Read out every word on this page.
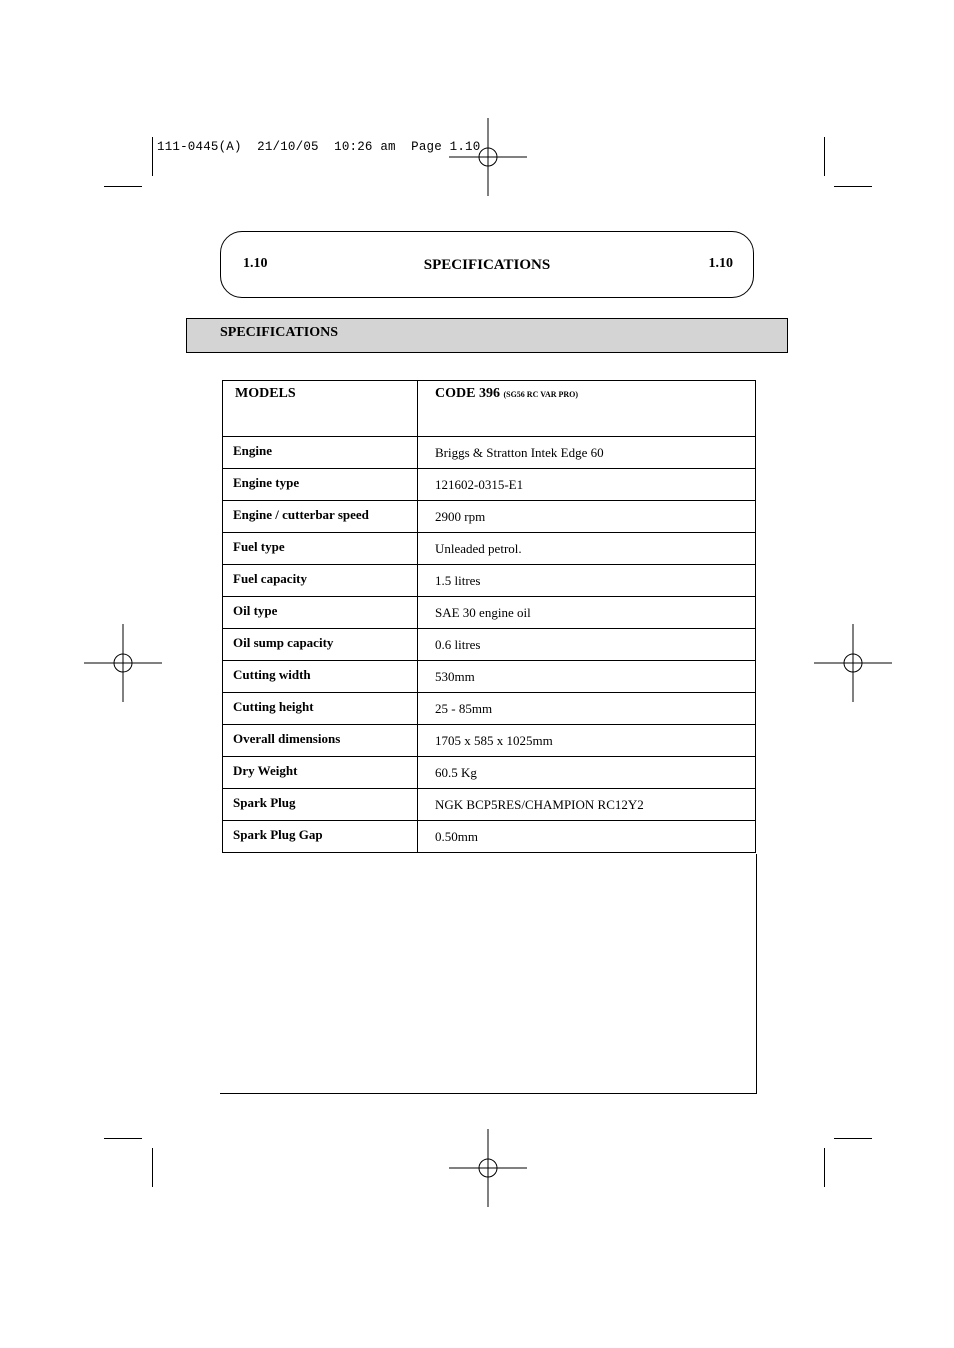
111-0445(A)  21/10/05  10:26 am  Page 1.10
1.10	SPECIFICATIONS	1.10
SPECIFICATIONS
MODELS	CODE 396 (SG56 RC VAR PRO)
Engine	Briggs & Stratton Intek Edge 60
Engine type	121602-0315-E1
Engine / cutterbar speed	2900 rpm
Fuel type	Unleaded petrol.
Fuel capacity	1.5 litres
Oil type	SAE 30 engine oil
Oil sump capacity	0.6 litres
Cutting width	530mm
Cutting height	25 - 85mm
Overall dimensions	1705 x 585 x 1025mm
Dry Weight	60.5 Kg
Spark Plug	NGK BCP5RES/CHAMPION RC12Y2
Spark Plug Gap	0.50mm
